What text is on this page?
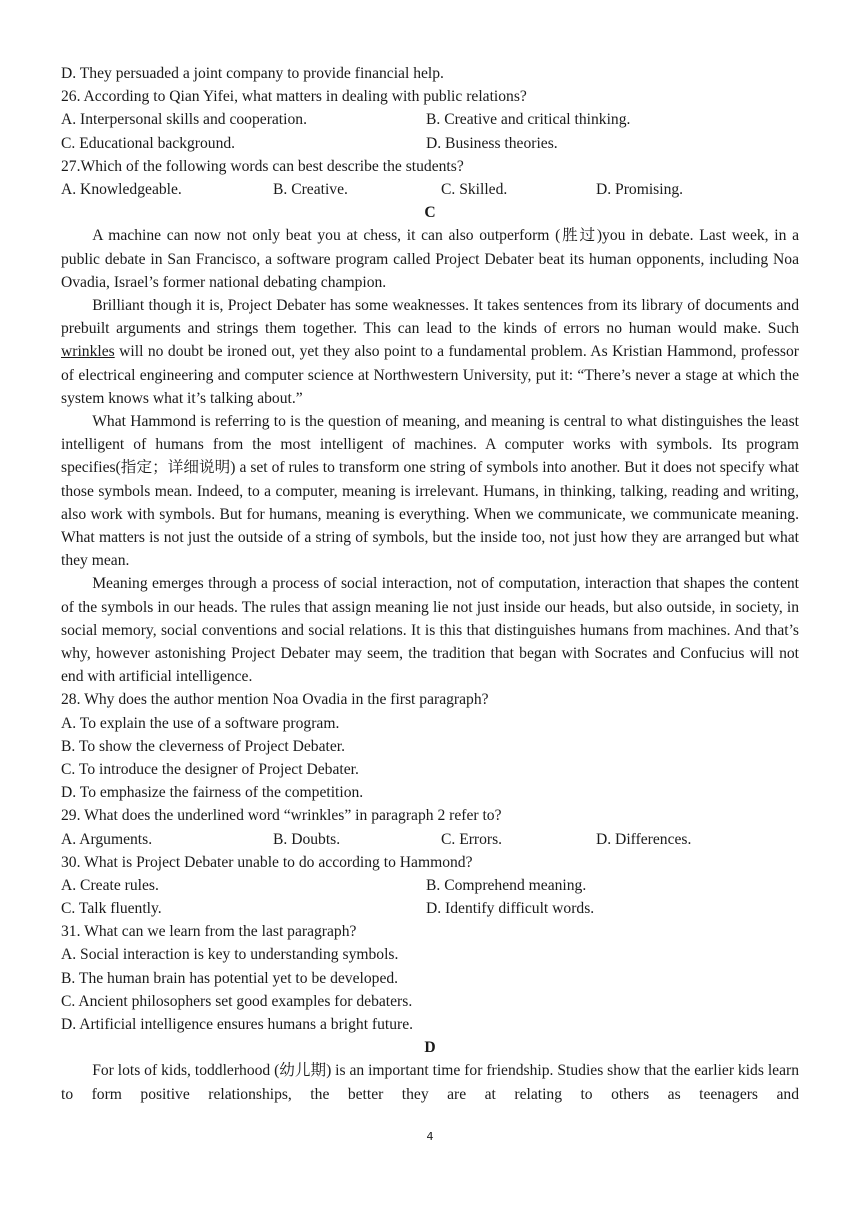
D. They persuaded a joint company to provide financial help.
26. According to Qian Yifei, what matters in dealing with public relations?
A. Interpersonal skills and cooperation.	B. Creative and critical thinking.
C. Educational background.	D. Business theories.
27.Which of the following words can best describe the students?
A. Knowledgeable.	B. Creative.	C. Skilled.	D. Promising.
C

A machine can now not only beat you at chess, it can also outperform (胜过)you in debate. Last week, in a public debate in San Francisco, a software program called Project Debater beat its human opponents, including Noa Ovadia, Israel’s former national debating champion.

Brilliant though it is, Project Debater has some weaknesses. It takes sentences from its library of documents and prebuilt arguments and strings them together. This can lead to the kinds of errors no human would make. Such wrinkles will no doubt be ironed out, yet they also point to a fundamental problem. As Kristian Hammond, professor of electrical engineering and computer science at Northwestern University, put it: “There’s never a stage at which the system knows what it’s talking about.”

What Hammond is referring to is the question of meaning, and meaning is central to what distinguishes the least intelligent of humans from the most intelligent of machines. A computer works with symbols. Its program specifies(指定；详细说明) a set of rules to transform one string of symbols into another. But it does not specify what those symbols mean. Indeed, to a computer, meaning is irrelevant. Humans, in thinking, talking, reading and writing, also work with symbols. But for humans, meaning is everything. When we communicate, we communicate meaning. What matters is not just the outside of a string of symbols, but the inside too, not just how they are arranged but what they mean.

Meaning emerges through a process of social interaction, not of computation, interaction that shapes the content of the symbols in our heads. The rules that assign meaning lie not just inside our heads, but also outside, in society, in social memory, social conventions and social relations. It is this that distinguishes humans from machines. And that’s why, however astonishing Project Debater may seem, the tradition that began with Socrates and Confucius will not end with artificial intelligence.

28. Why does the author mention Noa Ovadia in the first paragraph?
A. To explain the use of a software program.
B. To show the cleverness of Project Debater.
C. To introduce the designer of Project Debater.
D. To emphasize the fairness of the competition.
29. What does the underlined word “wrinkles” in paragraph 2 refer to?
A. Arguments.	B. Doubts.	C. Errors.	D. Differences.
30. What is Project Debater unable to do according to Hammond?
A. Create rules.	B. Comprehend meaning.
C. Talk fluently.	D. Identify difficult words.
31. What can we learn from the last paragraph?
A. Social interaction is key to understanding symbols.
B. The human brain has potential yet to be developed.
C. Ancient philosophers set good examples for debaters.
D. Artificial intelligence ensures humans a bright future.
D

For lots of kids, toddlerhood (幼儿期) is an important time for friendship. Studies show that the earlier kids learn to form positive relationships, the better they are at relating to others as teenagers and

4
